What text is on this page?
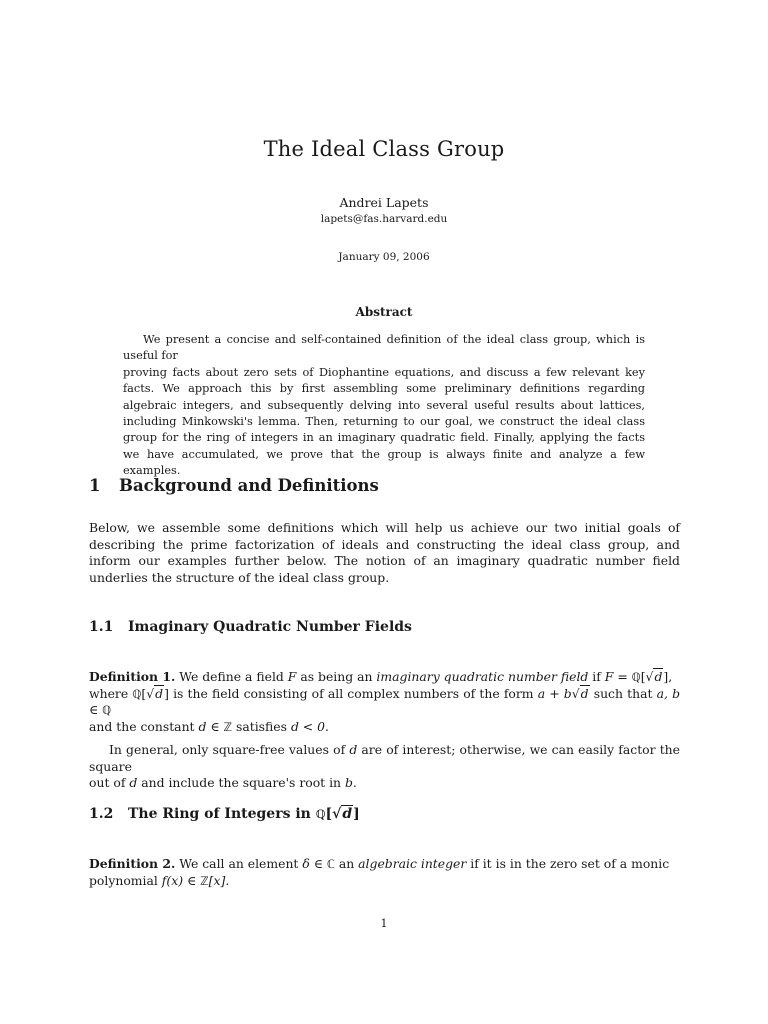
The Ideal Class Group
Andrei Lapets
lapets@fas.harvard.edu
January 09, 2006
Abstract
We present a concise and self-contained definition of the ideal class group, which is useful for
proving facts about zero sets of Diophantine equations, and discuss a few relevant key facts. We approach this by first assembling some preliminary definitions regarding algebraic integers, and subsequently delving into several useful results about lattices, including Minkowski's lemma. Then, returning to our goal, we construct the ideal class group for the ring of integers in an imaginary quadratic field. Finally, applying the facts we have accumulated, we prove that the group is always finite and analyze a few examples.
1 Background and Definitions
Below, we assemble some definitions which will help us achieve our two initial goals of describing the prime factorization of ideals and constructing the ideal class group, and inform our examples further below. The notion of an imaginary quadratic number field underlies the structure of the ideal class group.
1.1 Imaginary Quadratic Number Fields
Definition 1. We define a field F as being an imaginary quadratic number field if F = ℚ[√d],
where ℚ[√d] is the field consisting of all complex numbers of the form a + b√d such that a, b ∈ ℚ
and the constant d ∈ ℤ satisfies d < 0.
In general, only square-free values of d are of interest; otherwise, we can easily factor the square
out of d and include the square's root in b.
1.2 The Ring of Integers in ℚ[√d]
Definition 2. We call an element δ ∈ ℂ an algebraic integer if it is in the zero set of a monic
polynomial f(x) ∈ ℤ[x].
1
